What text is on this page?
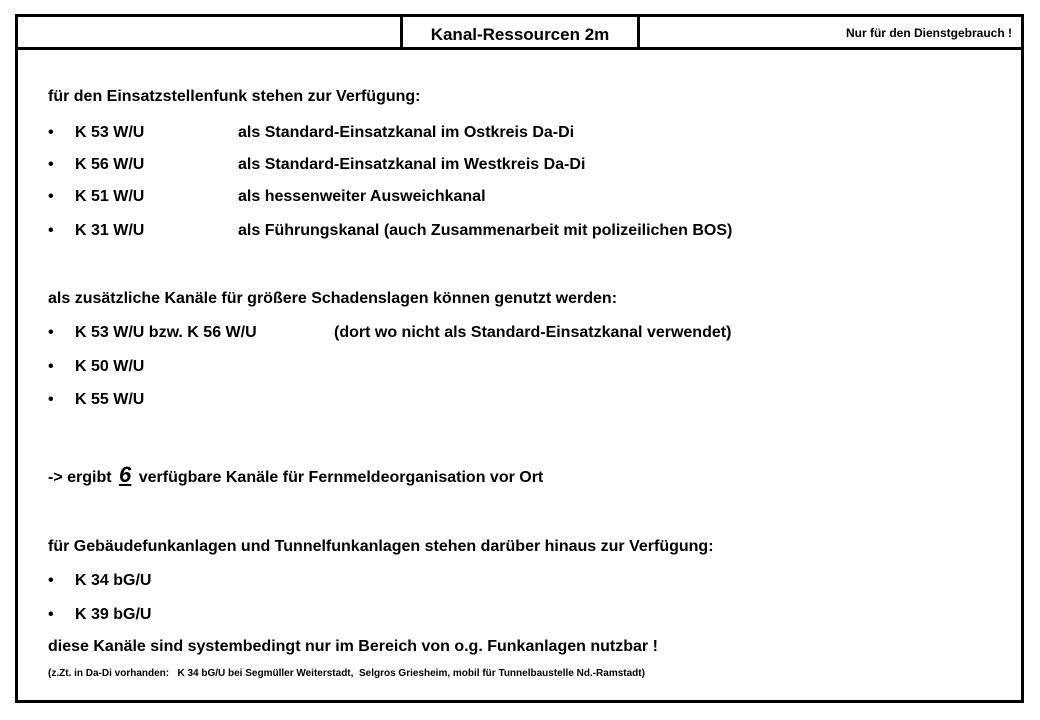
Kanal-Ressourcen 2m	Nur für den Dienstgebrauch !
für den Einsatzstellenfunk stehen zur Verfügung:
• K 53 W/U	als Standard-Einsatzkanal im Ostkreis Da-Di
• K 56 W/U	als Standard-Einsatzkanal im Westkreis Da-Di
• K 51 W/U	als hessenweiter Ausweichkanal
• K 31 W/U	als Führungskanal (auch Zusammenarbeit mit polizeilichen BOS)
als zusätzliche Kanäle für größere Schadenslagen können genutzt werden:
• K 53 W/U bzw. K 56 W/U	(dort wo nicht als Standard-Einsatzkanal verwendet)
• K 50 W/U
• K 55 W/U
-> ergibt 6 verfügbare Kanäle für Fernmeldeorganisation vor Ort
für Gebäudefunkanlagen und Tunnelfunkanlagen stehen darüber hinaus zur Verfügung:
• K 34 bG/U
• K 39 bG/U
diese Kanäle sind systembedingt nur im Bereich von o.g. Funkanlagen nutzbar !
(z.Zt. in Da-Di vorhanden:   K 34 bG/U bei Segmüller Weiterstadt,  Selgros Griesheim, mobil für Tunnelbaustelle Nd.-Ramstadt)
